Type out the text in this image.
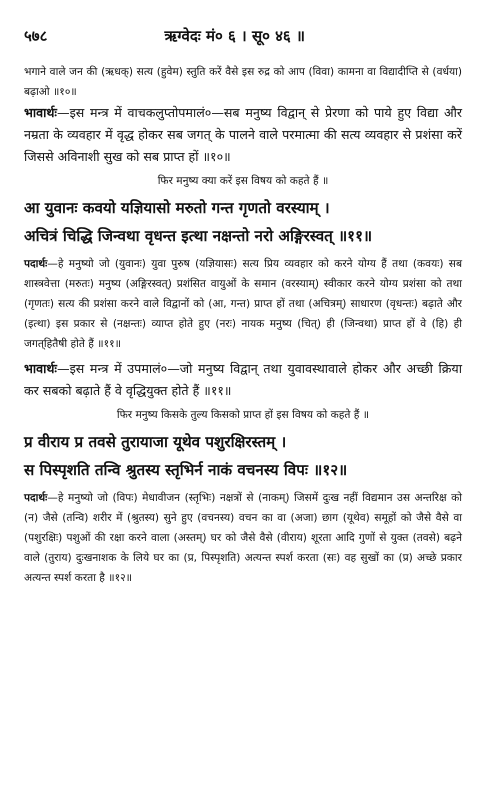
५७८	ऋग्वेदः मं० ६ । सू० ४६ ॥

भगाने वाले जन की (ऋधक्) सत्य (हुवेम) स्तुति करें वैसे इस रुद्र को आप (विवा) कामना वा विद्यादीप्ति से (वर्धया) बढ़ाओ ॥१०॥

भावार्थः—इस मन्त्र में वाचकलुप्तोपमालं०—सब मनुष्य विद्वान् से प्रेरणा को पाये हुए विद्या और नम्रता के व्यवहार में वृद्ध होकर सब जगत् के पालने वाले परमात्मा की सत्य व्यवहार से प्रशंसा करें जिससे अविनाशी सुख को सब प्राप्त हों ॥१०॥

फिर मनुष्य क्या करें इस विषय को कहते हैं ॥

आ युवानः कवयो यज्ञियासो मरुतो गन्त गृणतो वरस्याम् ।
अचित्रं चिद्धि जिन्वथा वृधन्त इत्था नक्षन्तो नरो अङ्गिरस्वत् ॥११॥

पदार्थः—हे मनुष्यो जो (युवानः) युवा पुरुष (यज्ञियासः) सत्य प्रिय व्यवहार को करने योग्य हैं तथा (कवयः) सब शास्त्रवेत्ता (मरुतः) मनुष्य (अङ्गिरस्वत्) प्रशंसित वायुओं के समान (वरस्याम्) स्वीकार करने योग्य प्रशंसा को तथा (गृणतः) सत्य की प्रशंसा करने वाले विद्वानों को (आ, गन्त) प्राप्त हों तथा (अचित्रम्) साधारण (वृधन्तः) बढ़ाते और (इत्था) इस प्रकार से (नक्षन्तः) व्याप्त होते हुए (नरः) नायक मनुष्य (चित्) ही (जिन्वथा) प्राप्त हों वे (हि) ही जगत्‌हितैषी होते हैं ॥११॥

भावार्थः—इस मन्त्र में उपमालं०—जो मनुष्य विद्वान् तथा युवावस्थावाले होकर और अच्छी क्रिया कर सबको बढ़ाते हैं वे वृद्धियुक्त होते हैं ॥११॥

फिर मनुष्य किसके तुल्य किसको प्राप्त हों इस विषय को कहते हैं ॥

प्र वीराय प्र तवसे तुरायाजा यूथेव पशुरक्षिरस्तम् ।
स पिस्पृशति तन्वि श्रुतस्य स्तृभिर्न नाकं वचनस्य विपः ॥१२॥

पदार्थः—हे मनुष्यो जो (विपः) मेधावीजन (स्तृभिः) नक्षत्रों से (नाकम्) जिसमें दुःख नहीं विद्यमान उस अन्तरिक्ष को (न) जैसे (तन्वि) शरीर में (श्रुतस्य) सुने हुए (वचनस्य) वचन का वा (अजा) छाग (यूथेव) समूहों को जैसे वैसे वा (पशुरक्षिः) पशुओं की रक्षा करने वाला (अस्तम्) घर को जैसे वैसे (वीराय) शूरता आदि गुणों से युक्त (तवसे) बढ़ने वाले (तुराय) दुःखनाशक के लिये घर का (प्र, पिस्पृशति) अत्यन्त स्पर्श करता (सः) वह सुखों का (प्र) अच्छे प्रकार अत्यन्त स्पर्श करता है ॥१२॥
